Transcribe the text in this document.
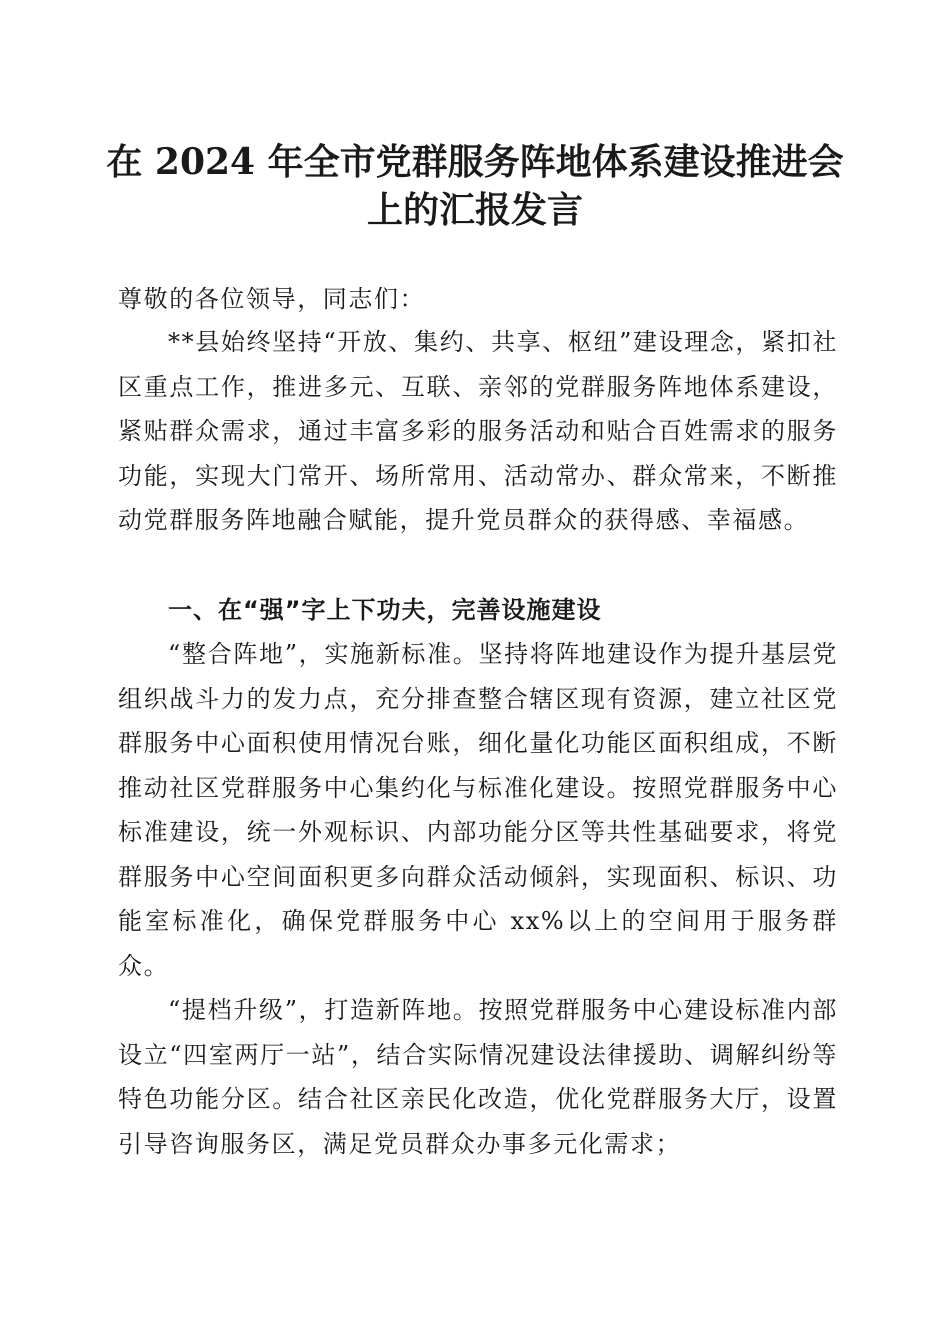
在 2024 年全市党群服务阵地体系建设推进会
上的汇报发言

尊敬的各位领导，同志们：

**县始终坚持“开放、集约、共享、枢纽”建设理念，紧扣社区重点工作，推进多元、互联、亲邻的党群服务阵地体系建设，紧贴群众需求，通过丰富多彩的服务活动和贴合百姓需求的服务功能，实现大门常开、场所常用、活动常办、群众常来，不断推动党群服务阵地融合赋能，提升党员群众的获得感、幸福感。

一、在“强”字上下功夫，完善设施建设

“整合阵地”，实施新标准。坚持将阵地建设作为提升基层党组织战斗力的发力点，充分排查整合辖区现有资源，建立社区党群服务中心面积使用情况台账，细化量化功能区面积组成，不断推动社区党群服务中心集约化与标准化建设。按照党群服务中心标准建设，统一外观标识、内部功能分区等共性基础要求，将党群服务中心空间面积更多向群众活动倾斜，实现面积、标识、功能室标准化，确保党群服务中心 xx%以上的空间用于服务群众。

“提档升级”，打造新阵地。按照党群服务中心建设标准内部设立“四室两厅一站”，结合实际情况建设法律援助、调解纠纷等特色功能分区。结合社区亲民化改造，优化党群服务大厅，设置引导咨询服务区，满足党员群众办事多元化需求；
